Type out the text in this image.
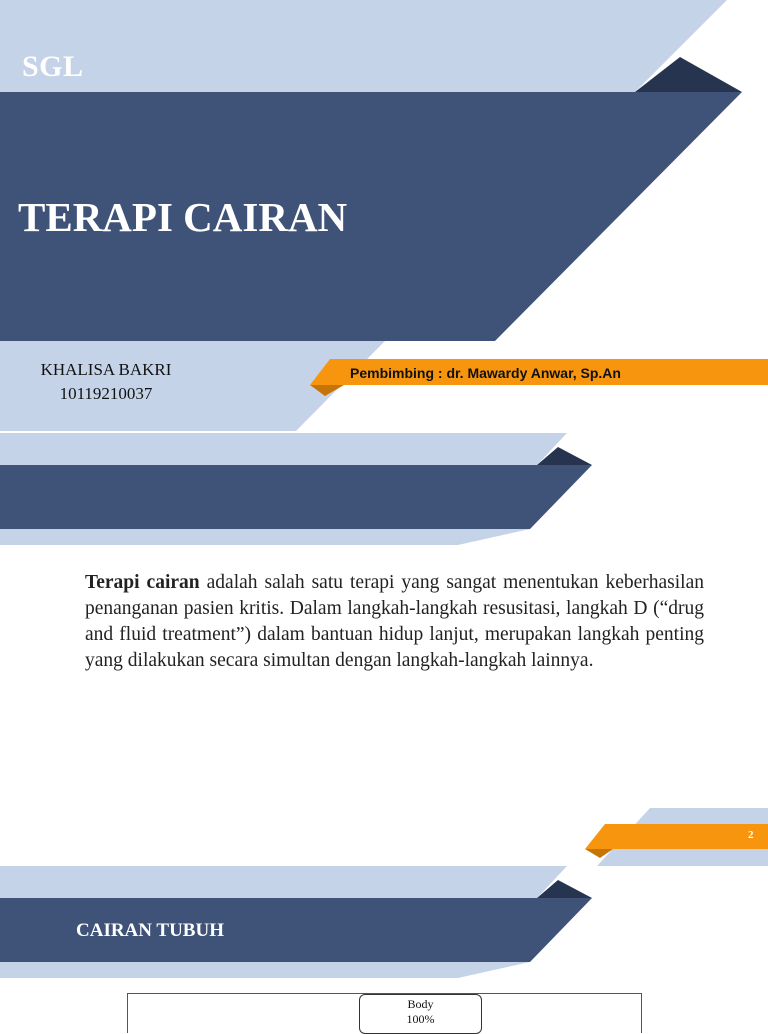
SGL
TERAPI CAIRAN
KHALISA BAKRI
10119210037
Pembimbing : dr. Mawardy Anwar, Sp.An
Terapi cairan adalah salah satu terapi yang sangat menentukan keberhasilan penanganan pasien kritis. Dalam langkah-langkah resusitasi, langkah D (“drug and fluid treatment”) dalam bantuan hidup lanjut, merupakan langkah penting yang dilakukan secara simultan dengan langkah-langkah lainnya.
2
CAIRAN TUBUH
Body
100%
